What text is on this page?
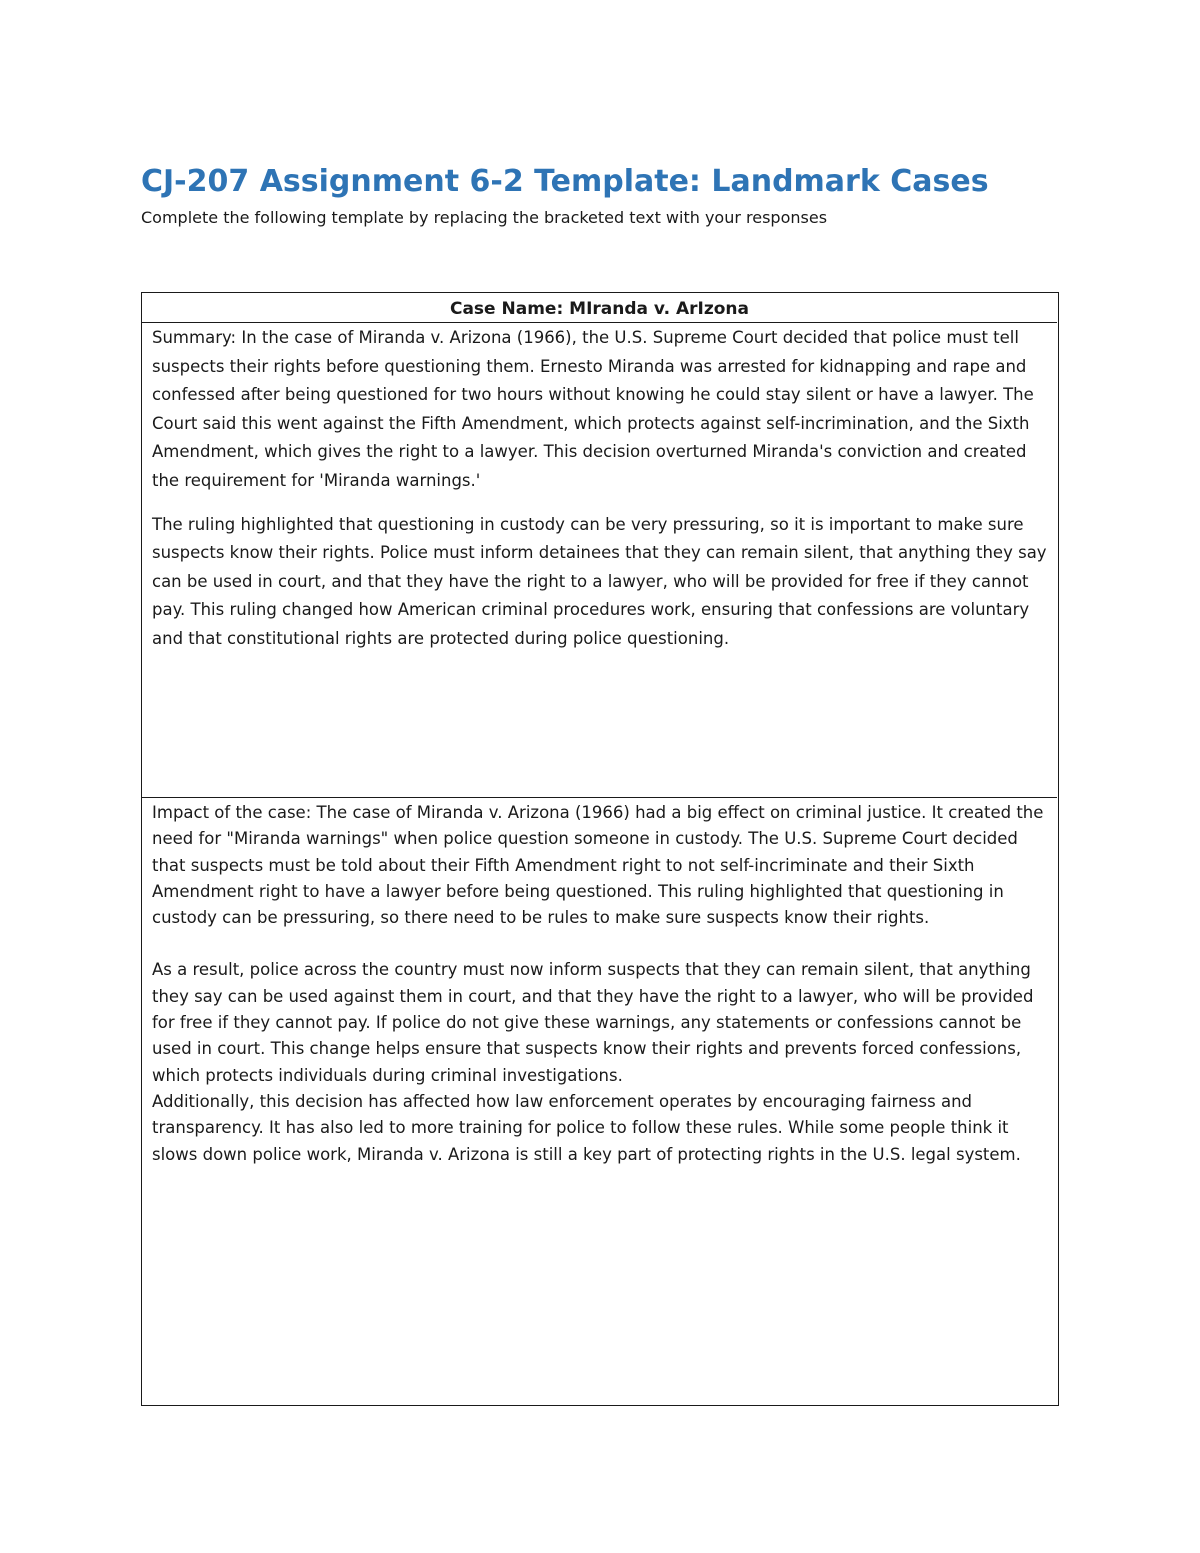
CJ-207 Assignment 6-2 Template: Landmark Cases

Complete the following template by replacing the bracketed text with your responses

Case Name: MIranda v. ArIzona

Summary: In the case of Miranda v. Arizona (1966), the U.S. Supreme Court decided that police must tell suspects their rights before questioning them. Ernesto Miranda was arrested for kidnapping and rape and confessed after being questioned for two hours without knowing he could stay silent or have a lawyer. The Court said this went against the Fifth Amendment, which protects against self-incrimination, and the Sixth Amendment, which gives the right to a lawyer. This decision overturned Miranda's conviction and created the requirement for 'Miranda warnings.'

The ruling highlighted that questioning in custody can be very pressuring, so it is important to make sure suspects know their rights. Police must inform detainees that they can remain silent, that anything they say can be used in court, and that they have the right to a lawyer, who will be provided for free if they cannot pay. This ruling changed how American criminal procedures work, ensuring that confessions are voluntary and that constitutional rights are protected during police questioning.

Impact of the case: The case of Miranda v. Arizona (1966) had a big effect on criminal justice. It created the need for "Miranda warnings" when police question someone in custody. The U.S. Supreme Court decided that suspects must be told about their Fifth Amendment right to not self-incriminate and their Sixth Amendment right to have a lawyer before being questioned. This ruling highlighted that questioning in custody can be pressuring, so there need to be rules to make sure suspects know their rights.

As a result, police across the country must now inform suspects that they can remain silent, that anything they say can be used against them in court, and that they have the right to a lawyer, who will be provided for free if they cannot pay. If police do not give these warnings, any statements or confessions cannot be used in court. This change helps ensure that suspects know their rights and prevents forced confessions, which protects individuals during criminal investigations.

Additionally, this decision has affected how law enforcement operates by encouraging fairness and transparency. It has also led to more training for police to follow these rules. While some people think it slows down police work, Miranda v. Arizona is still a key part of protecting rights in the U.S. legal system.
